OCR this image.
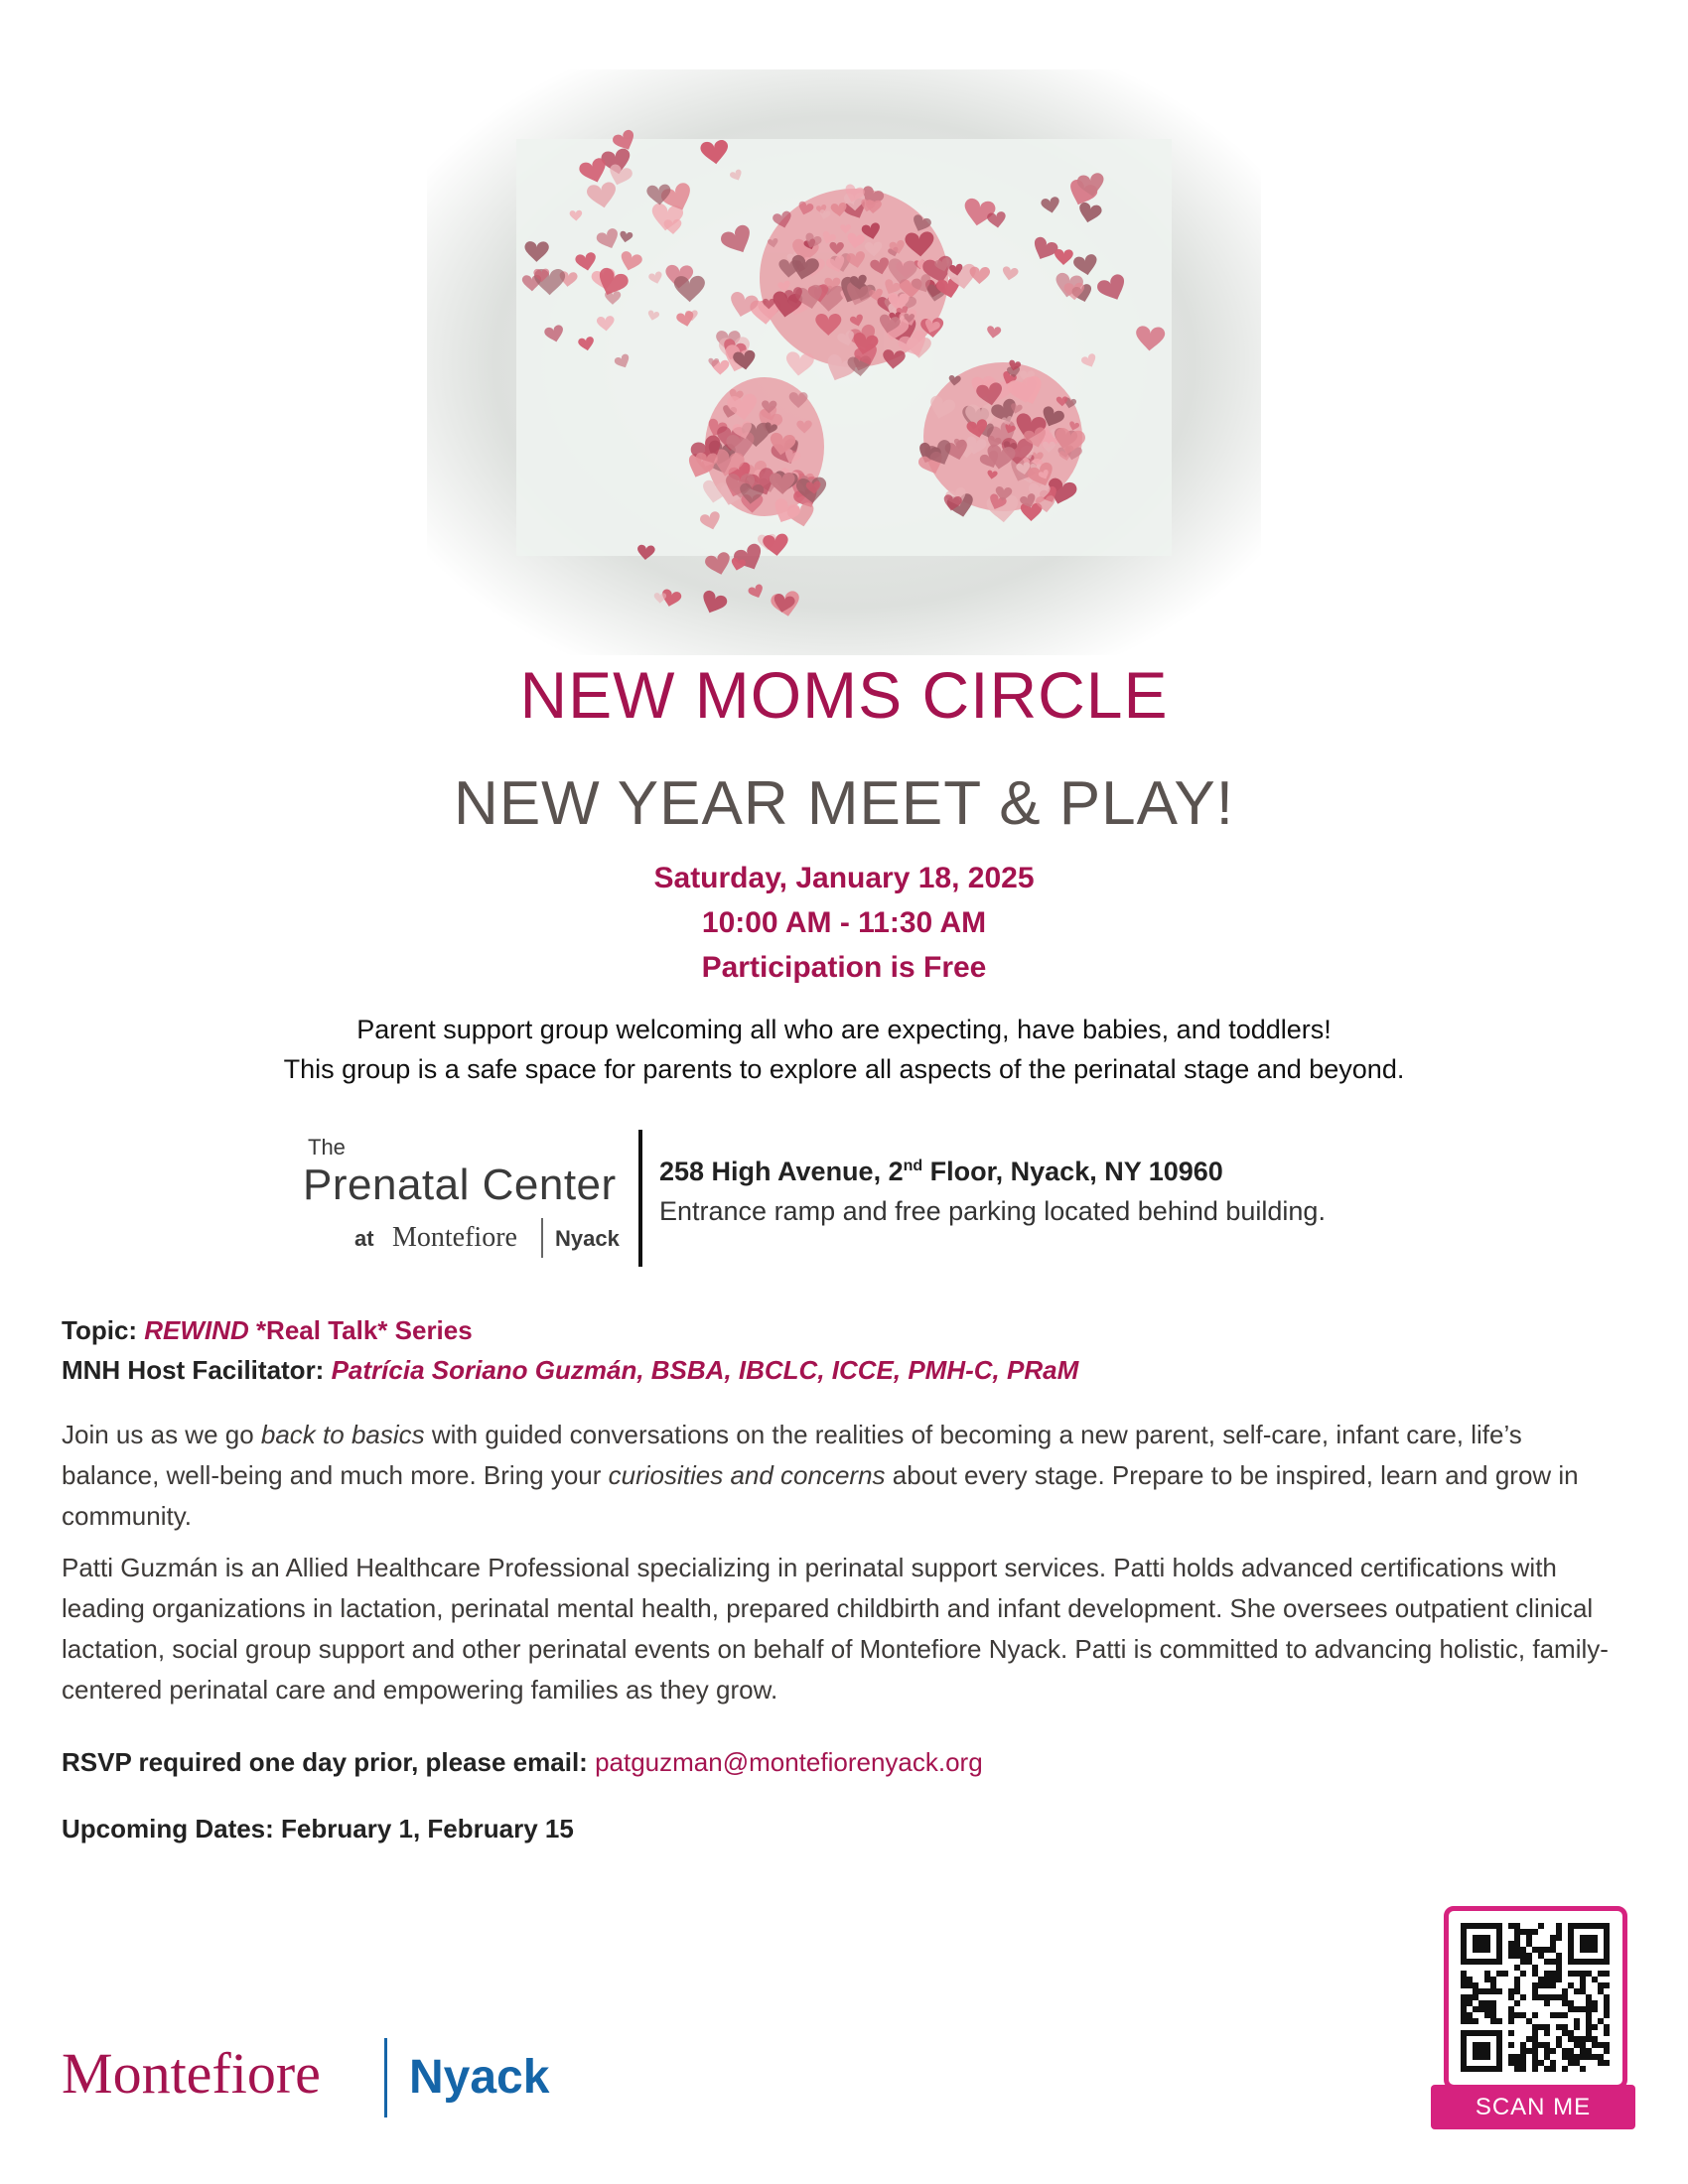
NEW MOMS CIRCLE
NEW YEAR MEET & PLAY!
Saturday, January 18, 2025
10:00 AM - 11:30 AM
Participation is Free
Parent support group welcoming all who are expecting, have babies, and toddlers!
This group is a safe space for parents to explore all aspects of the perinatal stage and beyond.
The
Prenatal Center
at Montefiore Nyack
258 High Avenue, 2nd Floor, Nyack, NY 10960
Entrance ramp and free parking located behind building.
Topic: REWIND *Real Talk* Series
MNH Host Facilitator: Patrícia Soriano Guzmán, BSBA, IBCLC, ICCE, PMH-C, PRaM
Join us as we go back to basics with guided conversations on the realities of becoming a new parent, self-care, infant care, life’s balance, well-being and much more. Bring your curiosities and concerns about every stage. Prepare to be inspired, learn and grow in community.
Patti Guzmán is an Allied Healthcare Professional specializing in perinatal support services. Patti holds advanced certifications with leading organizations in lactation, perinatal mental health, prepared childbirth and infant development. She oversees outpatient clinical lactation, social group support and other perinatal events on behalf of Montefiore Nyack. Patti is committed to advancing holistic, family-centered perinatal care and empowering families as they grow.
RSVP required one day prior, please email: patguzman@montefiorenyack.org
Upcoming Dates: February 1, February 15
Montefiore Nyack
SCAN ME
